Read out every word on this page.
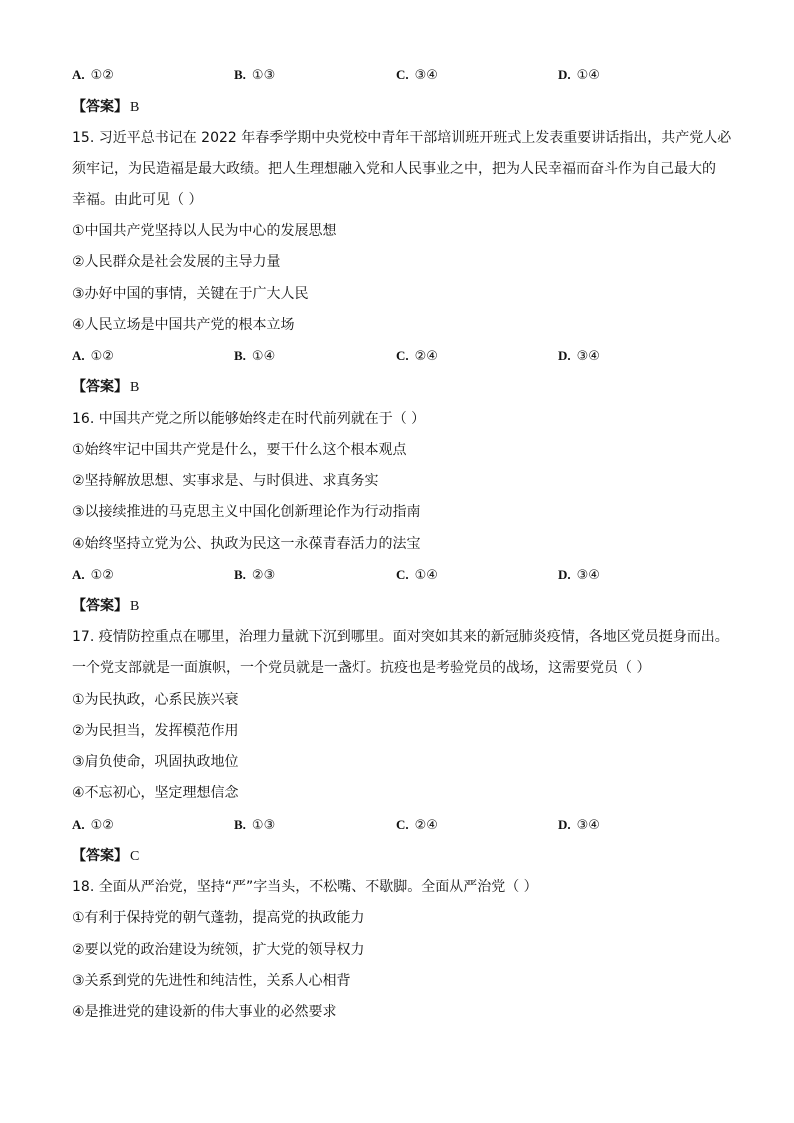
A. ①②	B. ①③	C. ③④	D. ①④
【答案】 B
15. 习近平总书记在 2022 年春季学期中央党校中青年干部培训班开班式上发表重要讲话指出，共产党人必
须牢记，为民造福是最大政绩。把人生理想融入党和人民事业之中，把为人民幸福而奋斗作为自己最大的
幸福。由此可见（ ）
①中国共产党坚持以人民为中心的发展思想
②人民群众是社会发展的主导力量
③办好中国的事情，关键在于广大人民
④人民立场是中国共产党的根本立场
A. ①②	B. ①④	C. ②④	D. ③④
【答案】 B
16. 中国共产党之所以能够始终走在时代前列就在于（ ）
①始终牢记中国共产党是什么，要干什么这个根本观点
②坚持解放思想、实事求是、与时俱进、求真务实
③以接续推进的马克思主义中国化创新理论作为行动指南
④始终坚持立党为公、执政为民这一永葆青春活力的法宝
A. ①②	B. ②③	C. ①④	D. ③④
【答案】 B
17. 疫情防控重点在哪里，治理力量就下沉到哪里。面对突如其来的新冠肺炎疫情，各地区党员挺身而出。
一个党支部就是一面旗帜，一个党员就是一盏灯。抗疫也是考验党员的战场，这需要党员（ ）
①为民执政，心系民族兴衰
②为民担当，发挥模范作用
③肩负使命，巩固执政地位
④不忘初心，坚定理想信念
A. ①②	B. ①③	C. ②④	D. ③④
【答案】 C
18. 全面从严治党，坚持“严”字当头，不松嘴、不歇脚。全面从严治党（ ）
①有利于保持党的朝气蓬勃，提高党的执政能力
②要以党的政治建设为统领，扩大党的领导权力
③关系到党的先进性和纯洁性，关系人心相背
④是推进党的建设新的伟大事业的必然要求
